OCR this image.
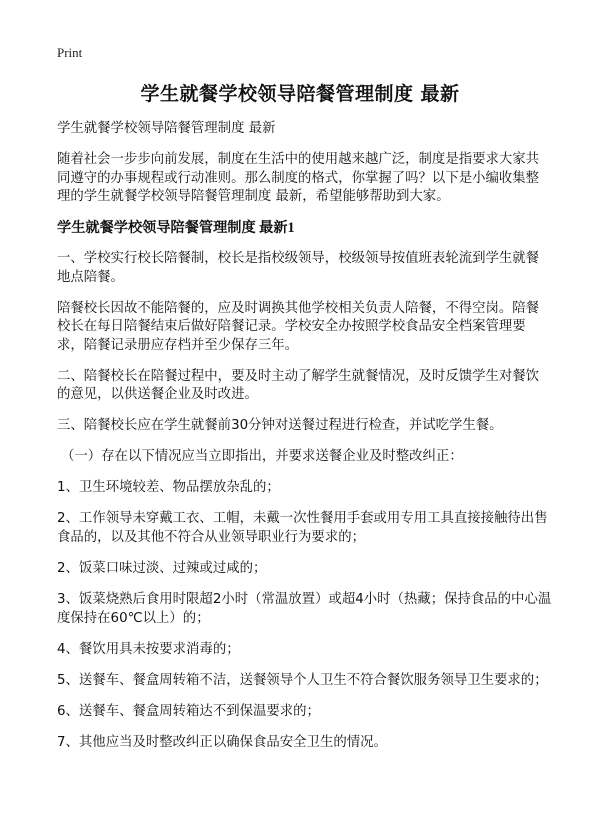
Print
学生就餐学校领导陪餐管理制度 最新
学生就餐学校领导陪餐管理制度 最新
随着社会一步步向前发展，制度在生活中的使用越来越广泛，制度是指要求大家共同遵守的办事规程或行动准则。那么制度的格式，你掌握了吗？以下是小编收集整理的学生就餐学校领导陪餐管理制度 最新，希望能够帮助到大家。
学生就餐学校领导陪餐管理制度 最新1
一、学校实行校长陪餐制，校长是指校级领导，校级领导按值班表轮流到学生就餐地点陪餐。
陪餐校长因故不能陪餐的，应及时调换其他学校相关负责人陪餐，不得空岗。陪餐校长在每日陪餐结束后做好陪餐记录。学校安全办按照学校食品安全档案管理要求，陪餐记录册应存档并至少保存三年。
二、陪餐校长在陪餐过程中，要及时主动了解学生就餐情况，及时反馈学生对餐饮的意见，以供送餐企业及时改进。
三、陪餐校长应在学生就餐前30分钟对送餐过程进行检查，并试吃学生餐。
（一）存在以下情况应当立即指出，并要求送餐企业及时整改纠正：
1、卫生环境较差、物品摆放杂乱的；
2、工作领导未穿戴工衣、工帽，未戴一次性餐用手套或用专用工具直接接触待出售食品的，以及其他不符合从业领导职业行为要求的；
2、饭菜口味过淡、过辣或过咸的；
3、饭菜烧熟后食用时限超2小时（常温放置）或超4小时（热藏；保持食品的中心温度保持在60℃以上）的；
4、餐饮用具未按要求消毒的；
5、送餐车、餐盒周转箱不洁，送餐领导个人卫生不符合餐饮服务领导卫生要求的；
6、送餐车、餐盒周转箱达不到保温要求的；
7、其他应当及时整改纠正以确保食品安全卫生的情况。
